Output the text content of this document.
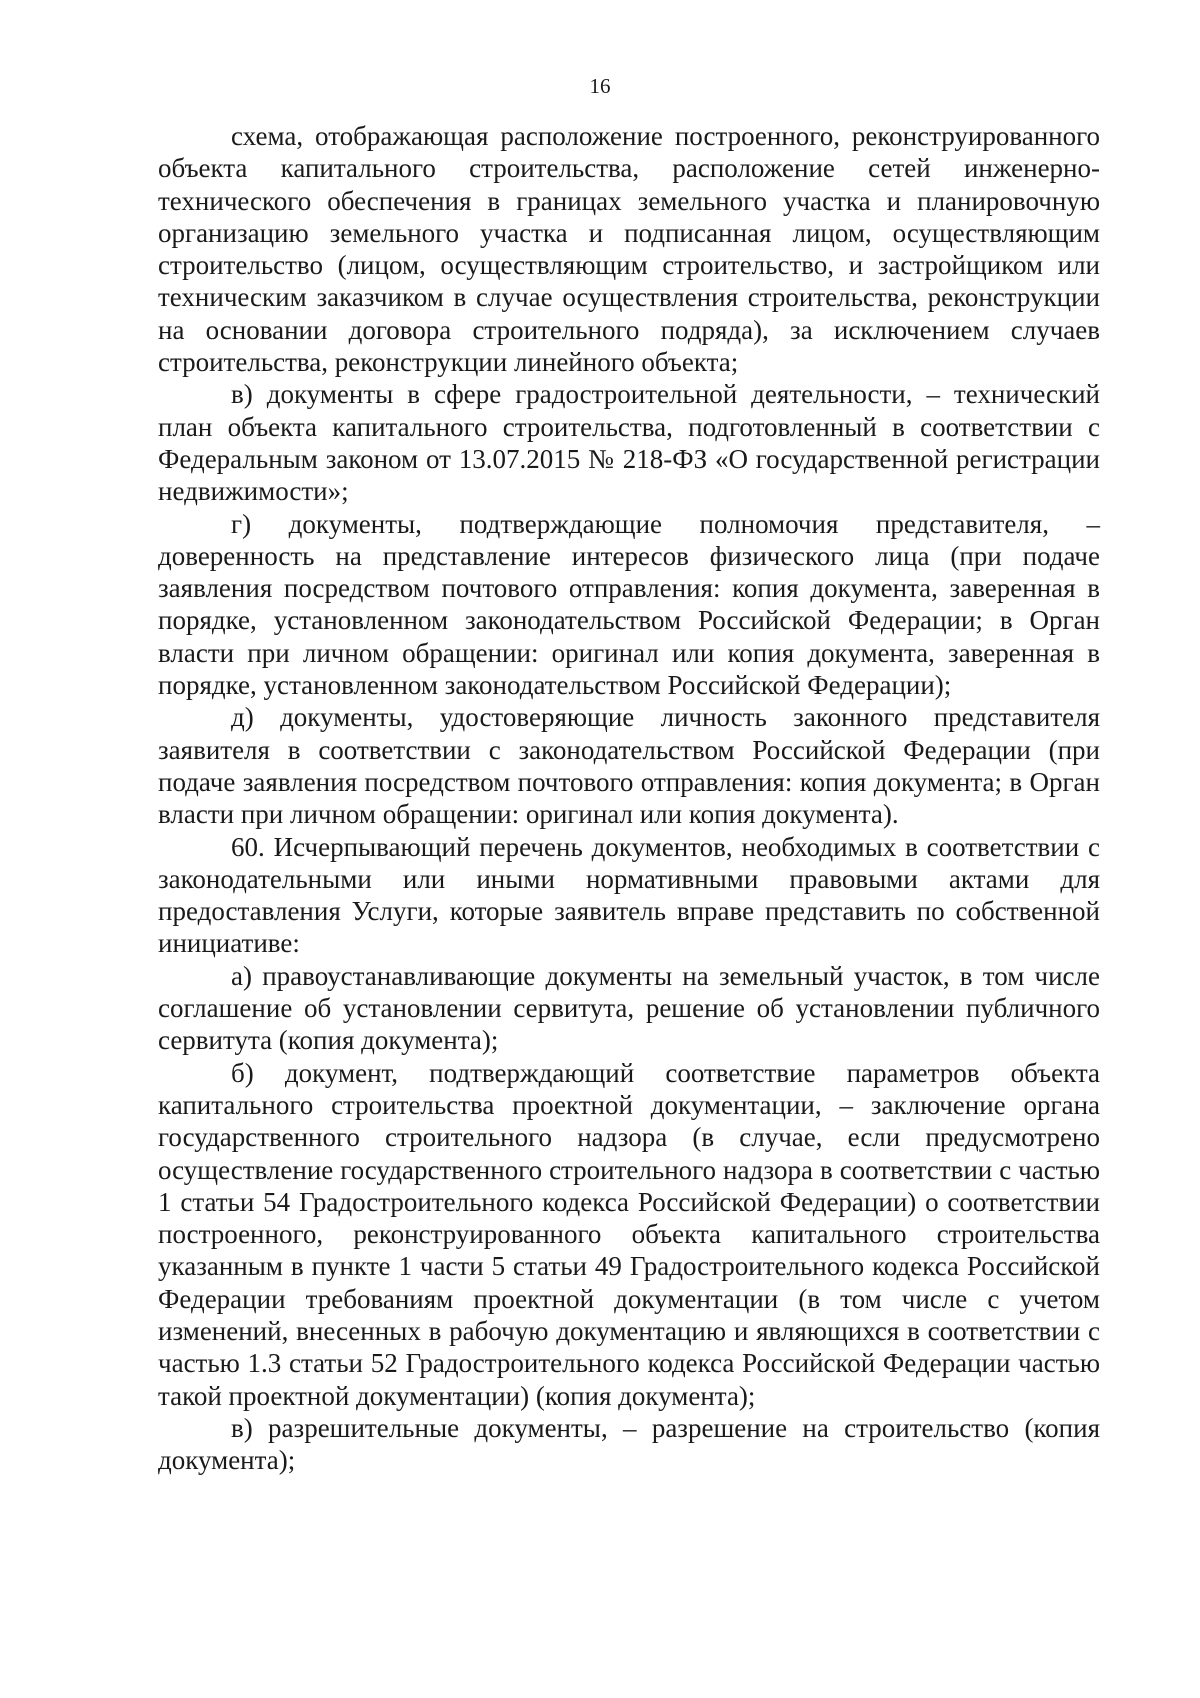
16

схема, отображающая расположение построенного, реконструированного объекта капитального строительства, расположение сетей инженерно-технического обеспечения в границах земельного участка и планировочную организацию земельного участка и подписанная лицом, осуществляющим строительство (лицом, осуществляющим строительство, и застройщиком или техническим заказчиком в случае осуществления строительства, реконструкции на основании договора строительного подряда), за исключением случаев строительства, реконструкции линейного объекта;

в) документы в сфере градостроительной деятельности, – технический план объекта капитального строительства, подготовленный в соответствии с Федеральным законом от 13.07.2015 № 218-ФЗ «О государственной регистрации недвижимости»;

г) документы, подтверждающие полномочия представителя, – доверенность на представление интересов физического лица (при подаче заявления посредством почтового отправления: копия документа, заверенная в порядке, установленном законодательством Российской Федерации; в Орган власти при личном обращении: оригинал или копия документа, заверенная в порядке, установленном законодательством Российской Федерации);

д) документы, удостоверяющие личность законного представителя заявителя в соответствии с законодательством Российской Федерации (при подаче заявления посредством почтового отправления: копия документа; в Орган власти при личном обращении: оригинал или копия документа).

60. Исчерпывающий перечень документов, необходимых в соответствии с законодательными или иными нормативными правовыми актами для предоставления Услуги, которые заявитель вправе представить по собственной инициативе:

а) правоустанавливающие документы на земельный участок, в том числе соглашение об установлении сервитута, решение об установлении публичного сервитута (копия документа);

б) документ, подтверждающий соответствие параметров объекта капитального строительства проектной документации, – заключение органа государственного строительного надзора (в случае, если предусмотрено осуществление государственного строительного надзора в соответствии с частью 1 статьи 54 Градостроительного кодекса Российской Федерации) о соответствии построенного, реконструированного объекта капитального строительства указанным в пункте 1 части 5 статьи 49 Градостроительного кодекса Российской Федерации требованиям проектной документации (в том числе с учетом изменений, внесенных в рабочую документацию и являющихся в соответствии с частью 1.3 статьи 52 Градостроительного кодекса Российской Федерации частью такой проектной документации) (копия документа);

в) разрешительные документы, – разрешение на строительство (копия документа);
